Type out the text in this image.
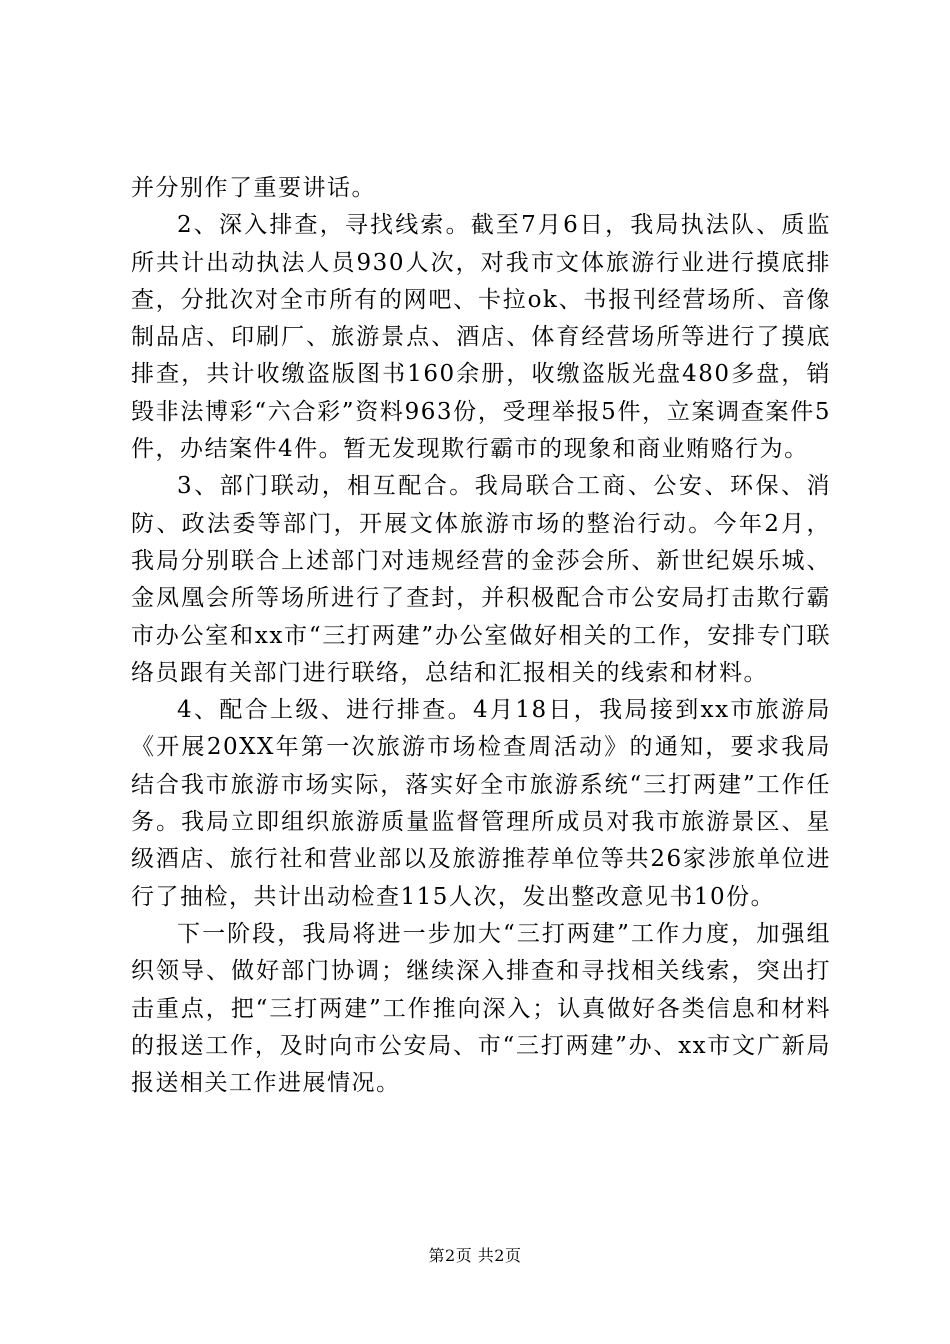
并分别作了重要讲话。

2、深入排查，寻找线索。截至7月6日，我局执法队、质监所共计出动执法人员930人次，对我市文体旅游行业进行摸底排查，分批次对全市所有的网吧、卡拉ok、书报刊经营场所、音像制品店、印刷厂、旅游景点、酒店、体育经营场所等进行了摸底排查，共计收缴盗版图书160余册，收缴盗版光盘480多盘，销毁非法博彩“六合彩”资料963份，受理举报5件，立案调查案件5件，办结案件4件。暂无发现欺行霸市的现象和商业贿赂行为。

3、部门联动，相互配合。我局联合工商、公安、环保、消防、政法委等部门，开展文体旅游市场的整治行动。今年2月，我局分别联合上述部门对违规经营的金莎会所、新世纪娱乐城、金凤凰会所等场所进行了查封，并积极配合市公安局打击欺行霸市办公室和xx市“三打两建”办公室做好相关的工作，安排专门联络员跟有关部门进行联络，总结和汇报相关的线索和材料。

4、配合上级、进行排查。4月18日，我局接到xx市旅游局《开展20XX年第一次旅游市场检查周活动》的通知，要求我局结合我市旅游市场实际，落实好全市旅游系统“三打两建”工作任务。我局立即组织旅游质量监督管理所成员对我市旅游景区、星级酒店、旅行社和营业部以及旅游推荐单位等共26家涉旅单位进行了抽检，共计出动检查115人次，发出整改意见书10份。

下一阶段，我局将进一步加大“三打两建”工作力度，加强组织领导、做好部门协调；继续深入排查和寻找相关线索，突出打击重点，把“三打两建”工作推向深入；认真做好各类信息和材料的报送工作，及时向市公安局、市“三打两建”办、xx市文广新局报送相关工作进展情况。

第2页 共2页
